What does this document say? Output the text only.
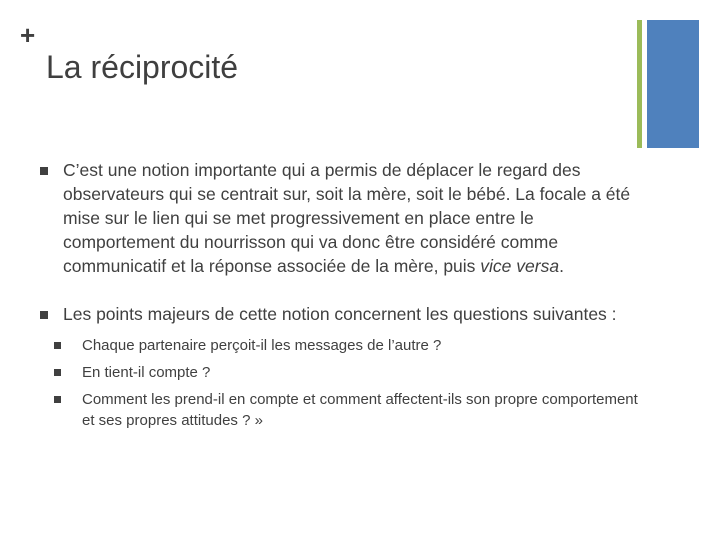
+
La réciprocité
C’est une notion importante qui a permis de déplacer le regard des observateurs qui se centrait sur, soit la mère, soit le bébé. La focale a été mise sur le lien qui se met progressivement en place entre le comportement du nourrisson qui va donc être considéré comme communicatif et la réponse associée de la mère, puis vice versa.
Les points majeurs de cette notion concernent les questions suivantes :
Chaque partenaire perçoit-il les messages de l’autre ?
En tient-il compte ?
Comment les prend-il en compte et comment affectent-ils son propre comportement et ses propres attitudes ? »
